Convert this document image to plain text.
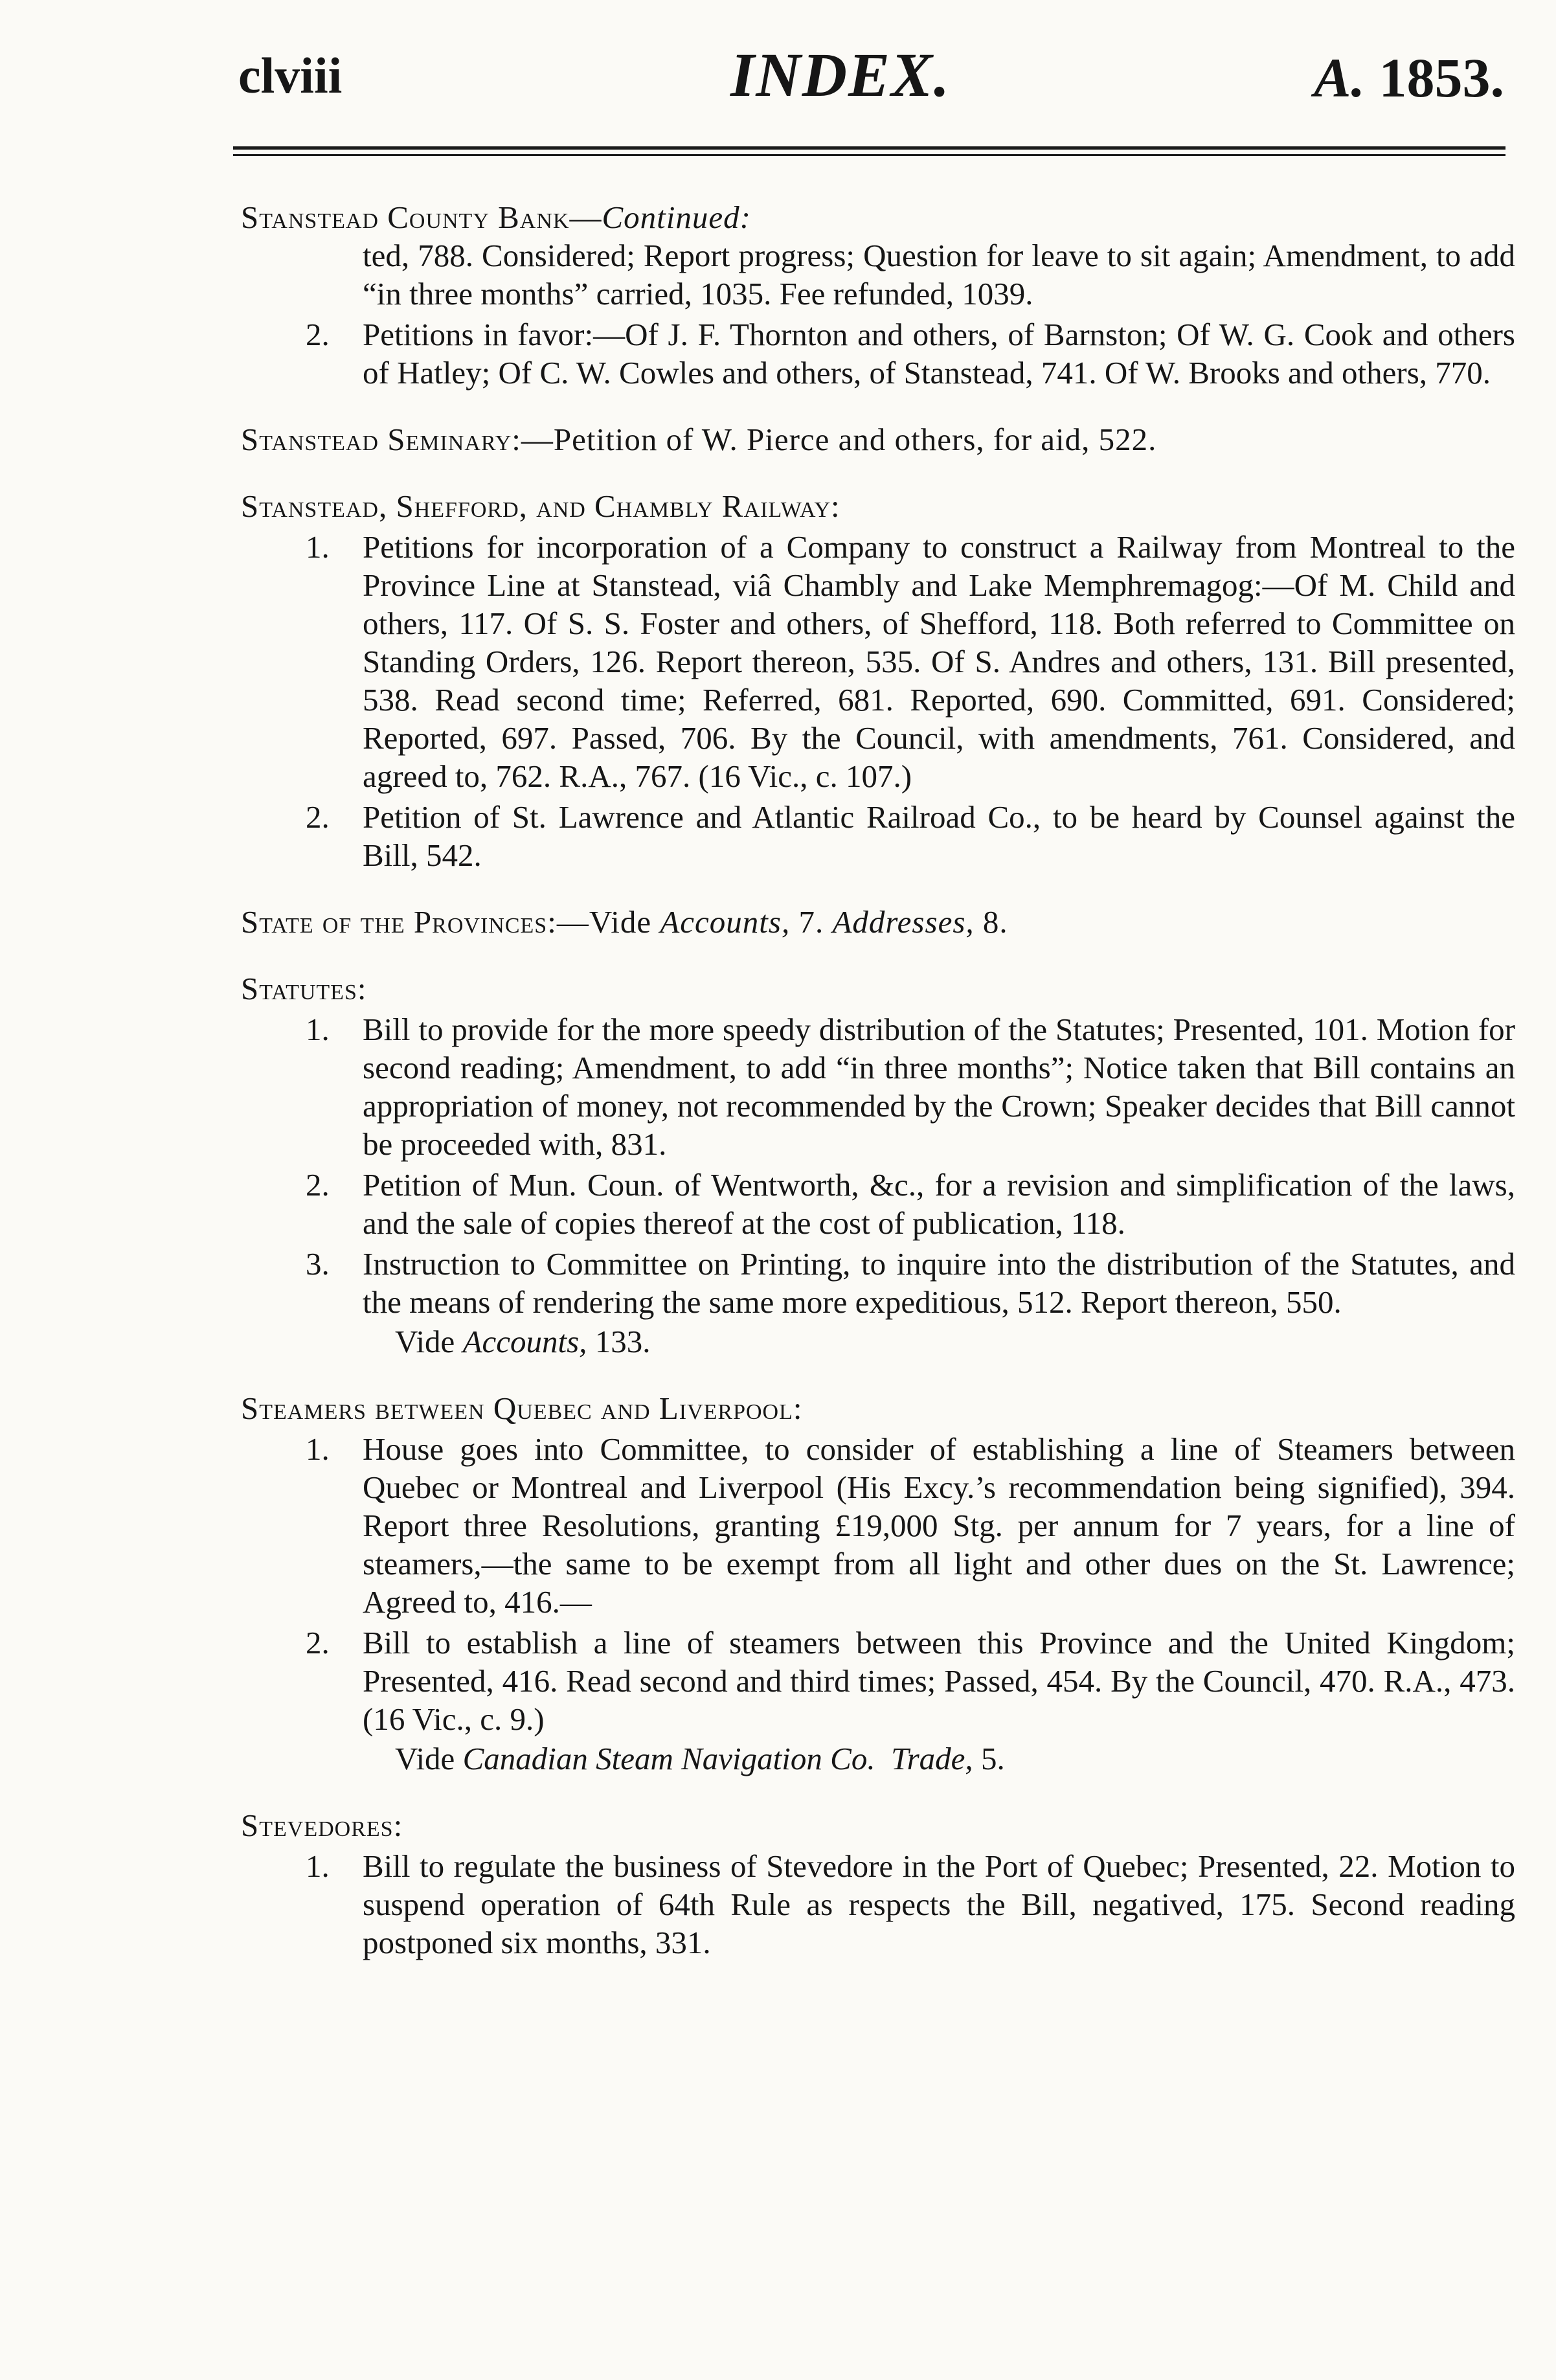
clviii	INDEX.	A. 1853.
Stanstead County Bank—Continued:
ted, 788. Considered; Report progress; Question for leave to sit again; Amendment, to add “in three months” carried, 1035. Fee refunded, 1039.
2. Petitions in favor:—Of J. F. Thornton and others, of Barnston; Of W. G. Cook and others of Hatley; Of C. W. Cowles and others, of Stanstead, 741. Of W. Brooks and others, 770.
Stanstead Seminary:—Petition of W. Pierce and others, for aid, 522.
Stanstead, Shefford, and Chambly Railway:
1. Petitions for incorporation of a Company to construct a Railway from Montreal to the Province Line at Stanstead, viâ Chambly and Lake Memphremagog:—Of M. Child and others, 117. Of S. S. Foster and others, of Shefford, 118. Both referred to Committee on Standing Orders, 126. Report thereon, 535. Of S. Andres and others, 131. Bill presented, 538. Read second time; Referred, 681. Reported, 690. Committed, 691. Considered; Reported, 697. Passed, 706. By the Council, with amendments, 761. Considered, and agreed to, 762. R.A., 767. (16 Vic., c. 107.)
2. Petition of St. Lawrence and Atlantic Railroad Co., to be heard by Counsel against the Bill, 542.
State of the Provinces:—Vide Accounts, 7. Addresses, 8.
Statutes:
1. Bill to provide for the more speedy distribution of the Statutes; Presented, 101. Motion for second reading; Amendment, to add “in three months”; Notice taken that Bill contains an appropriation of money, not recommended by the Crown; Speaker decides that Bill cannot be proceeded with, 831.
2. Petition of Mun. Coun. of Wentworth, &c., for a revision and simplification of the laws, and the sale of copies thereof at the cost of publication, 118.
3. Instruction to Committee on Printing, to inquire into the distribution of the Statutes, and the means of rendering the same more expeditious, 512. Report thereon, 550.
Vide Accounts, 133.
Steamers between Quebec and Liverpool:
1. House goes into Committee, to consider of establishing a line of Steamers between Quebec or Montreal and Liverpool (His Excy.’s recommendation being signified), 394. Report three Resolutions, granting £19,000 Stg. per annum for 7 years, for a line of steamers,—the same to be exempt from all light and other dues on the St. Lawrence; Agreed to, 416.—
2. Bill to establish a line of steamers between this Province and the United Kingdom; Presented, 416. Read second and third times; Passed, 454. By the Council, 470. R.A., 473. (16 Vic., c. 9.)
Vide Canadian Steam Navigation Co. Trade, 5.
Stevedores:
1. Bill to regulate the business of Stevedore in the Port of Quebec; Presented, 22. Motion to suspend operation of 64th Rule as respects the Bill, negatived, 175. Second reading postponed six months, 331.
